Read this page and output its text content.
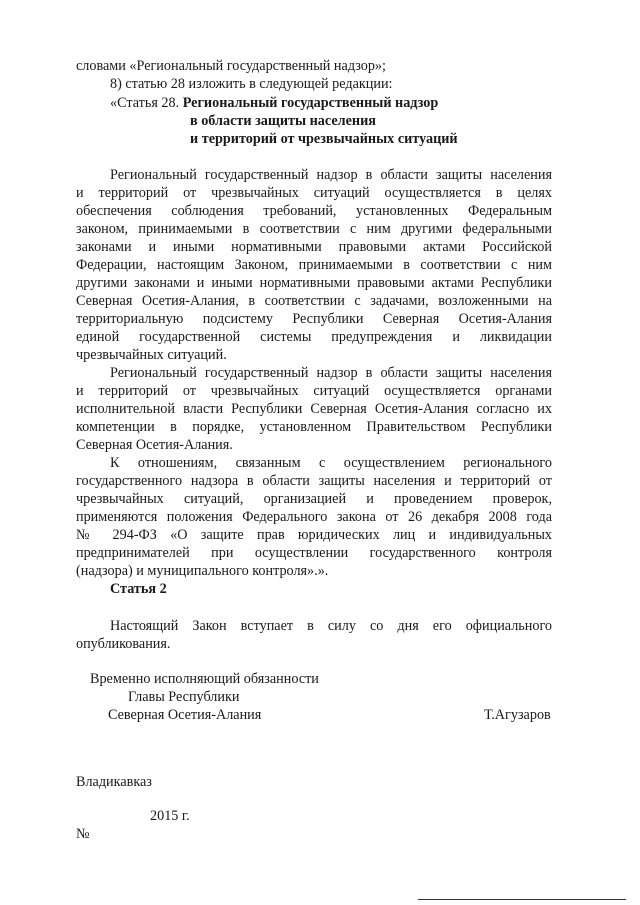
словами «Региональный государственный надзор»;
8) статью 28 изложить в следующей редакции:
«Статья 28. Региональный государственный надзор
в области защиты населения
и территорий от чрезвычайных ситуаций
Региональный государственный надзор в области защиты населения
и территорий от чрезвычайных ситуаций осуществляется в целях
обеспечения соблюдения требований, установленных Федеральным
законом, принимаемыми в соответствии с ним другими федеральными
законами и иными нормативными правовыми актами Российской
Федерации, настоящим Законом, принимаемыми в соответствии с ним
другими законами и иными нормативными правовыми актами Республики
Северная Осетия-Алания, в соответствии с задачами, возложенными на
территориальную подсистему Республики Северная Осетия-Алания
единой государственной системы предупреждения и ликвидации
чрезвычайных ситуаций.
Региональный государственный надзор в области защиты населения
и территорий от чрезвычайных ситуаций осуществляется органами
исполнительной власти Республики Северная Осетия-Алания согласно их
компетенции в порядке, установленном Правительством Республики
Северная Осетия-Алания.
К отношениям, связанным с осуществлением регионального
государственного надзора в области защиты населения и территорий от
чрезвычайных ситуаций, организацией и проведением проверок,
применяются положения Федерального закона от 26 декабря 2008 года
№ 294-ФЗ «О защите прав юридических лиц и индивидуальных
предпринимателей при осуществлении государственного контроля
(надзора) и муниципального контроля».».
Статья 2
Настоящий Закон вступает в силу со дня его официального
опубликования.
Временно исполняющий обязанности
Главы Республики
Северная Осетия-Алания	Т.Агузаров
Владикавказ
2015 г.
№
